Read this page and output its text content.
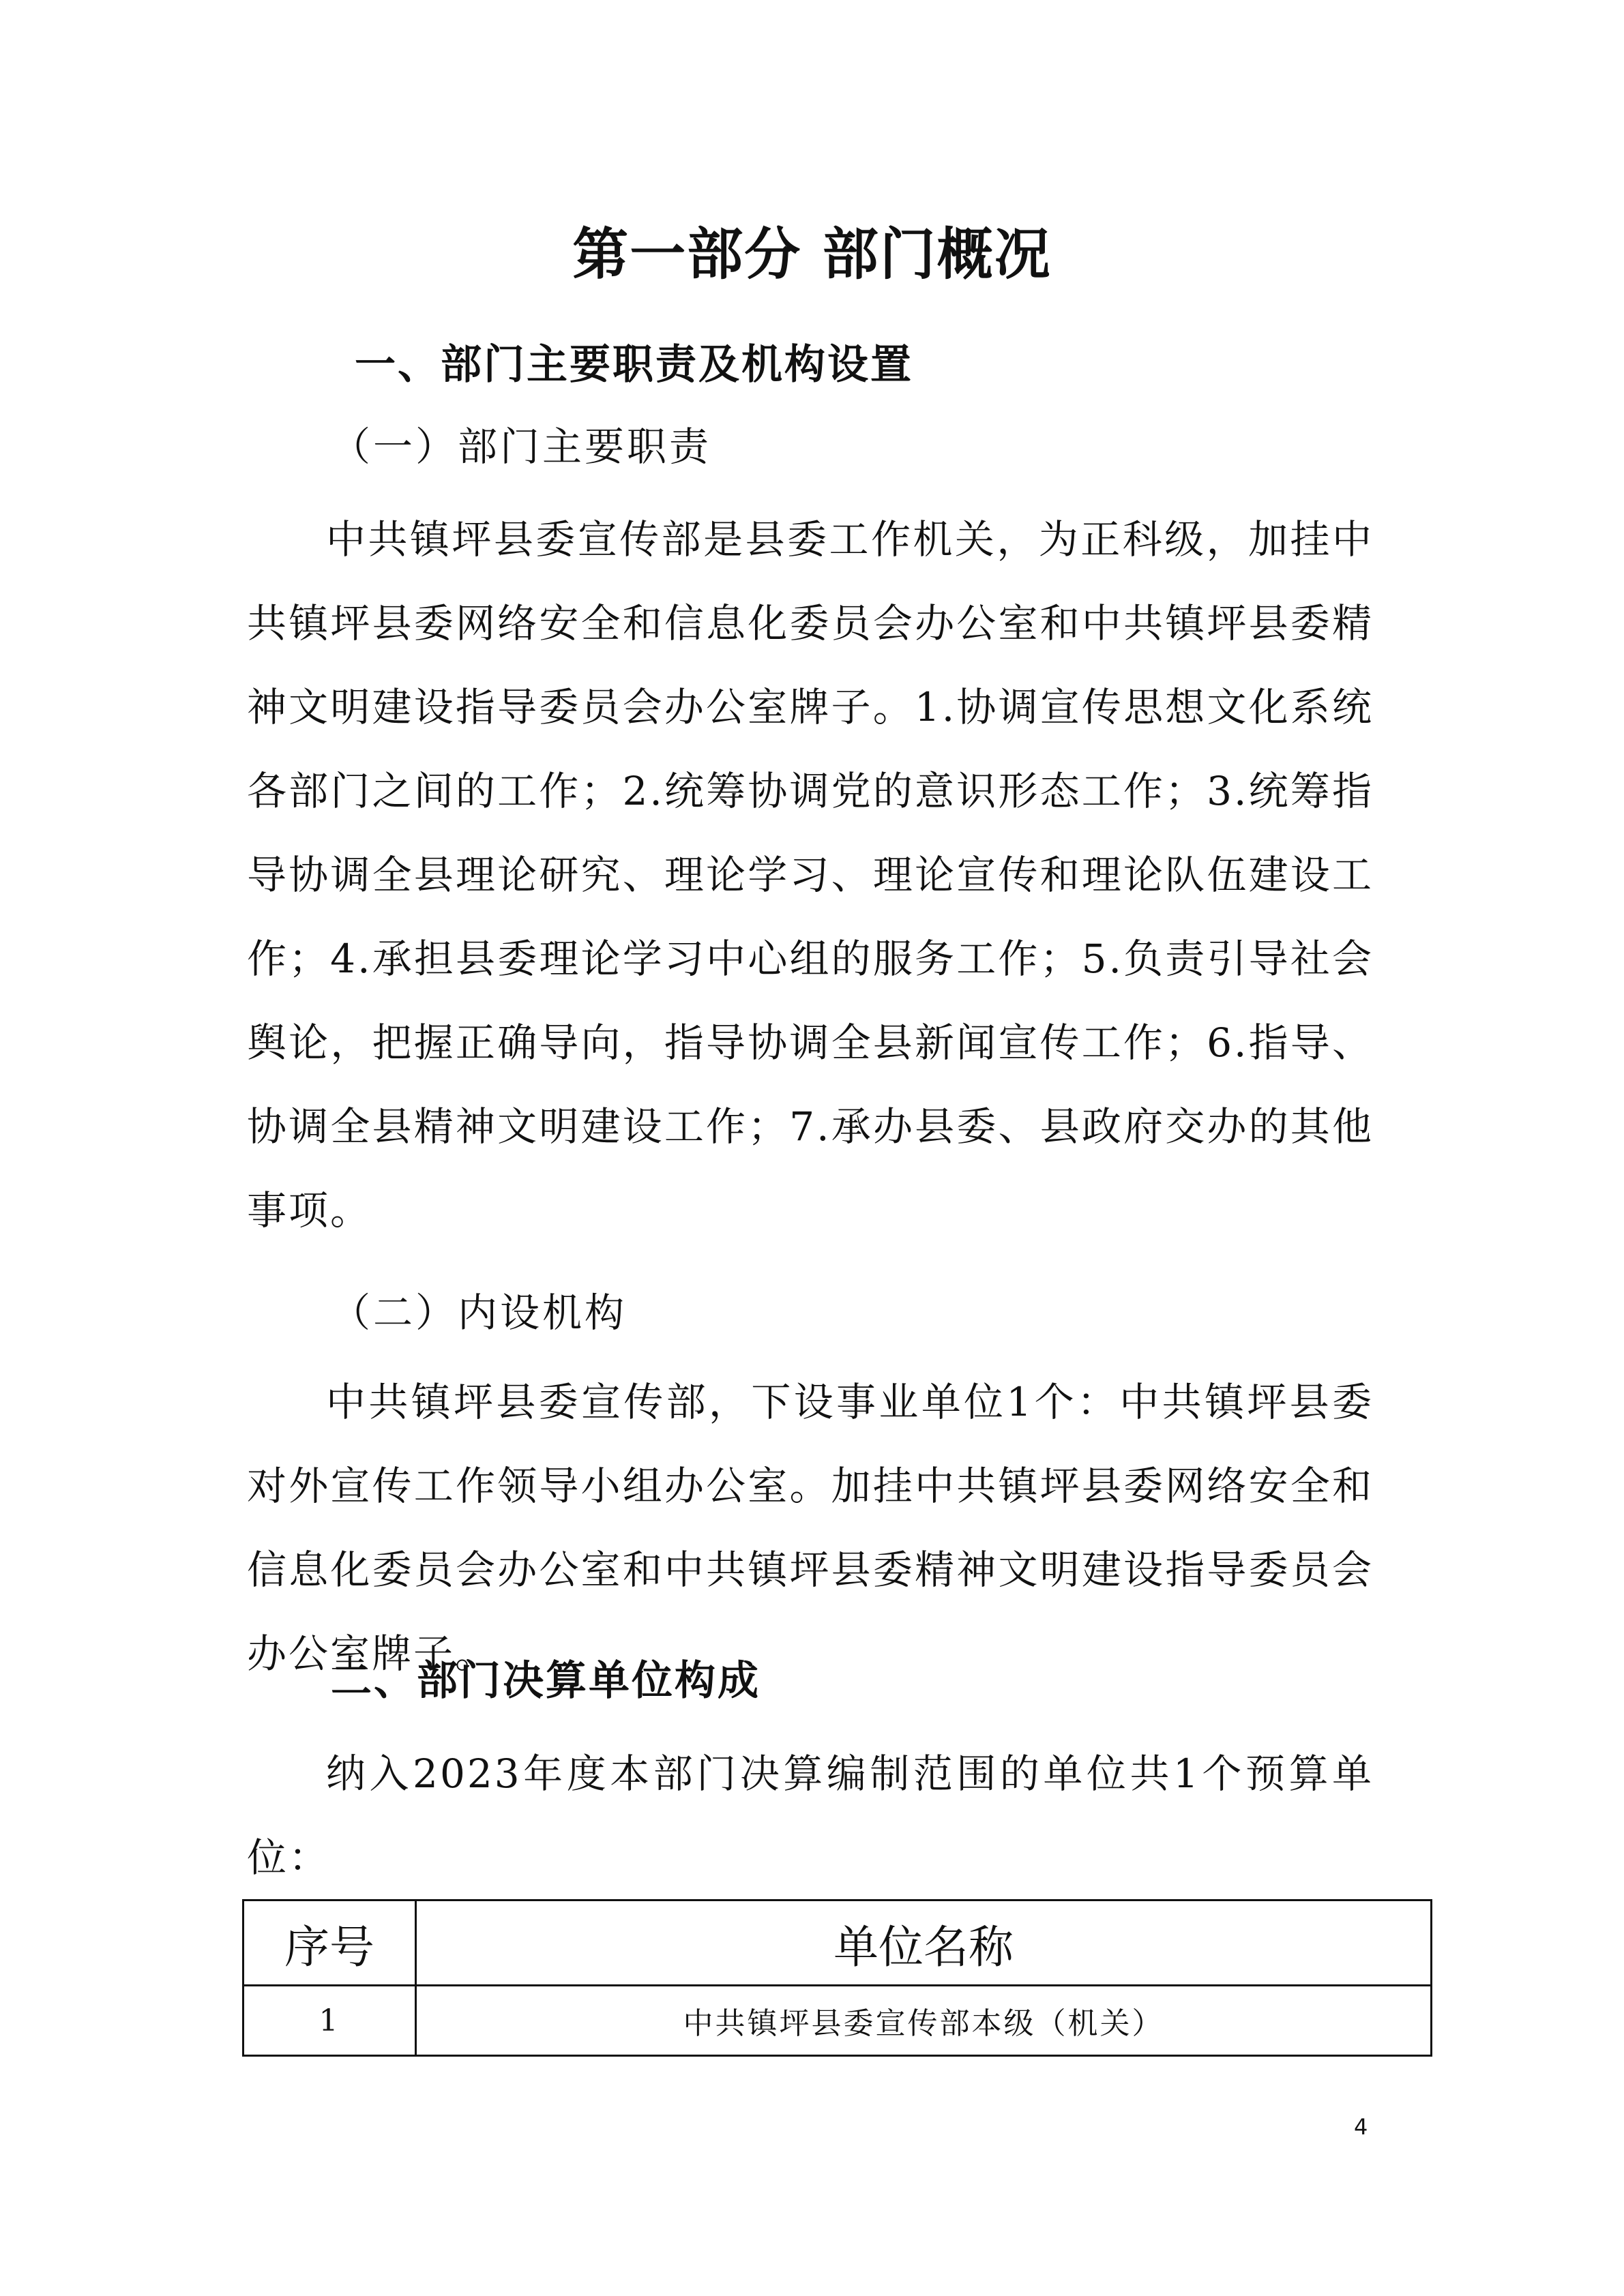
第一部分 部门概况
一、部门主要职责及机构设置
（一）部门主要职责

中共镇坪县委宣传部是县委工作机关，为正科级，加挂中共镇坪县委网络安全和信息化委员会办公室和中共镇坪县委精神文明建设指导委员会办公室牌子。1.协调宣传思想文化系统各部门之间的工作；2.统筹协调党的意识形态工作；3.统筹指导协调全县理论研究、理论学习、理论宣传和理论队伍建设工作；4.承担县委理论学习中心组的服务工作；5.负责引导社会舆论，把握正确导向，指导协调全县新闻宣传工作；6.指导、协调全县精神文明建设工作；7.承办县委、县政府交办的其他事项。

（二）内设机构

中共镇坪县委宣传部，下设事业单位1个：中共镇坪县委对外宣传工作领导小组办公室。加挂中共镇坪县委网络安全和信息化委员会办公室和中共镇坪县委精神文明建设指导委员会办公室牌子。

二、部门决算单位构成

纳入2023年度本部门决算编制范围的单位共1个预算单位：

序号	单位名称
1	中共镇坪县委宣传部本级（机关）
4
